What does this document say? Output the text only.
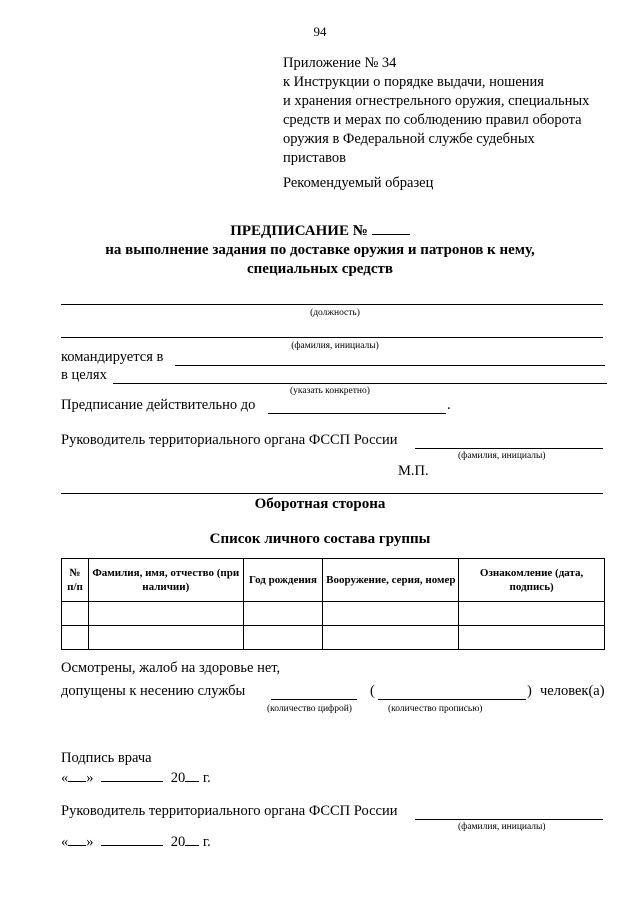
94
Приложение № 34
к Инструкции о порядке выдачи, ношения
и хранения огнестрельного оружия, специальных
средств и мерах по соблюдению правил оборота
оружия в Федеральной службе судебных
приставов
Рекомендуемый образец
ПРЕДПИСАНИЕ №
на выполнение задания по доставке оружия и патронов к нему,
специальных средств
(должность)
(фамилия, инициалы)
командируется в
в целях
(указать конкретно)
Предписание действительно до	.
Руководитель территориального органа ФССП России
(фамилия, инициалы)
М.П.
Оборотная сторона
Список личного состава группы
№ п/п	Фамилия, имя, отчество (при наличии)	Год рождения	Вооружение, серия, номер	Ознакомление (дата, подпись)

Осмотрены, жалоб на здоровье нет,
допущены к несению службы	(	) человек(а)
(количество цифрой)	(количество прописью)
Подпись врача
« »	20 г.
Руководитель территориального органа ФССП России
(фамилия, инициалы)
« »	20 г.
